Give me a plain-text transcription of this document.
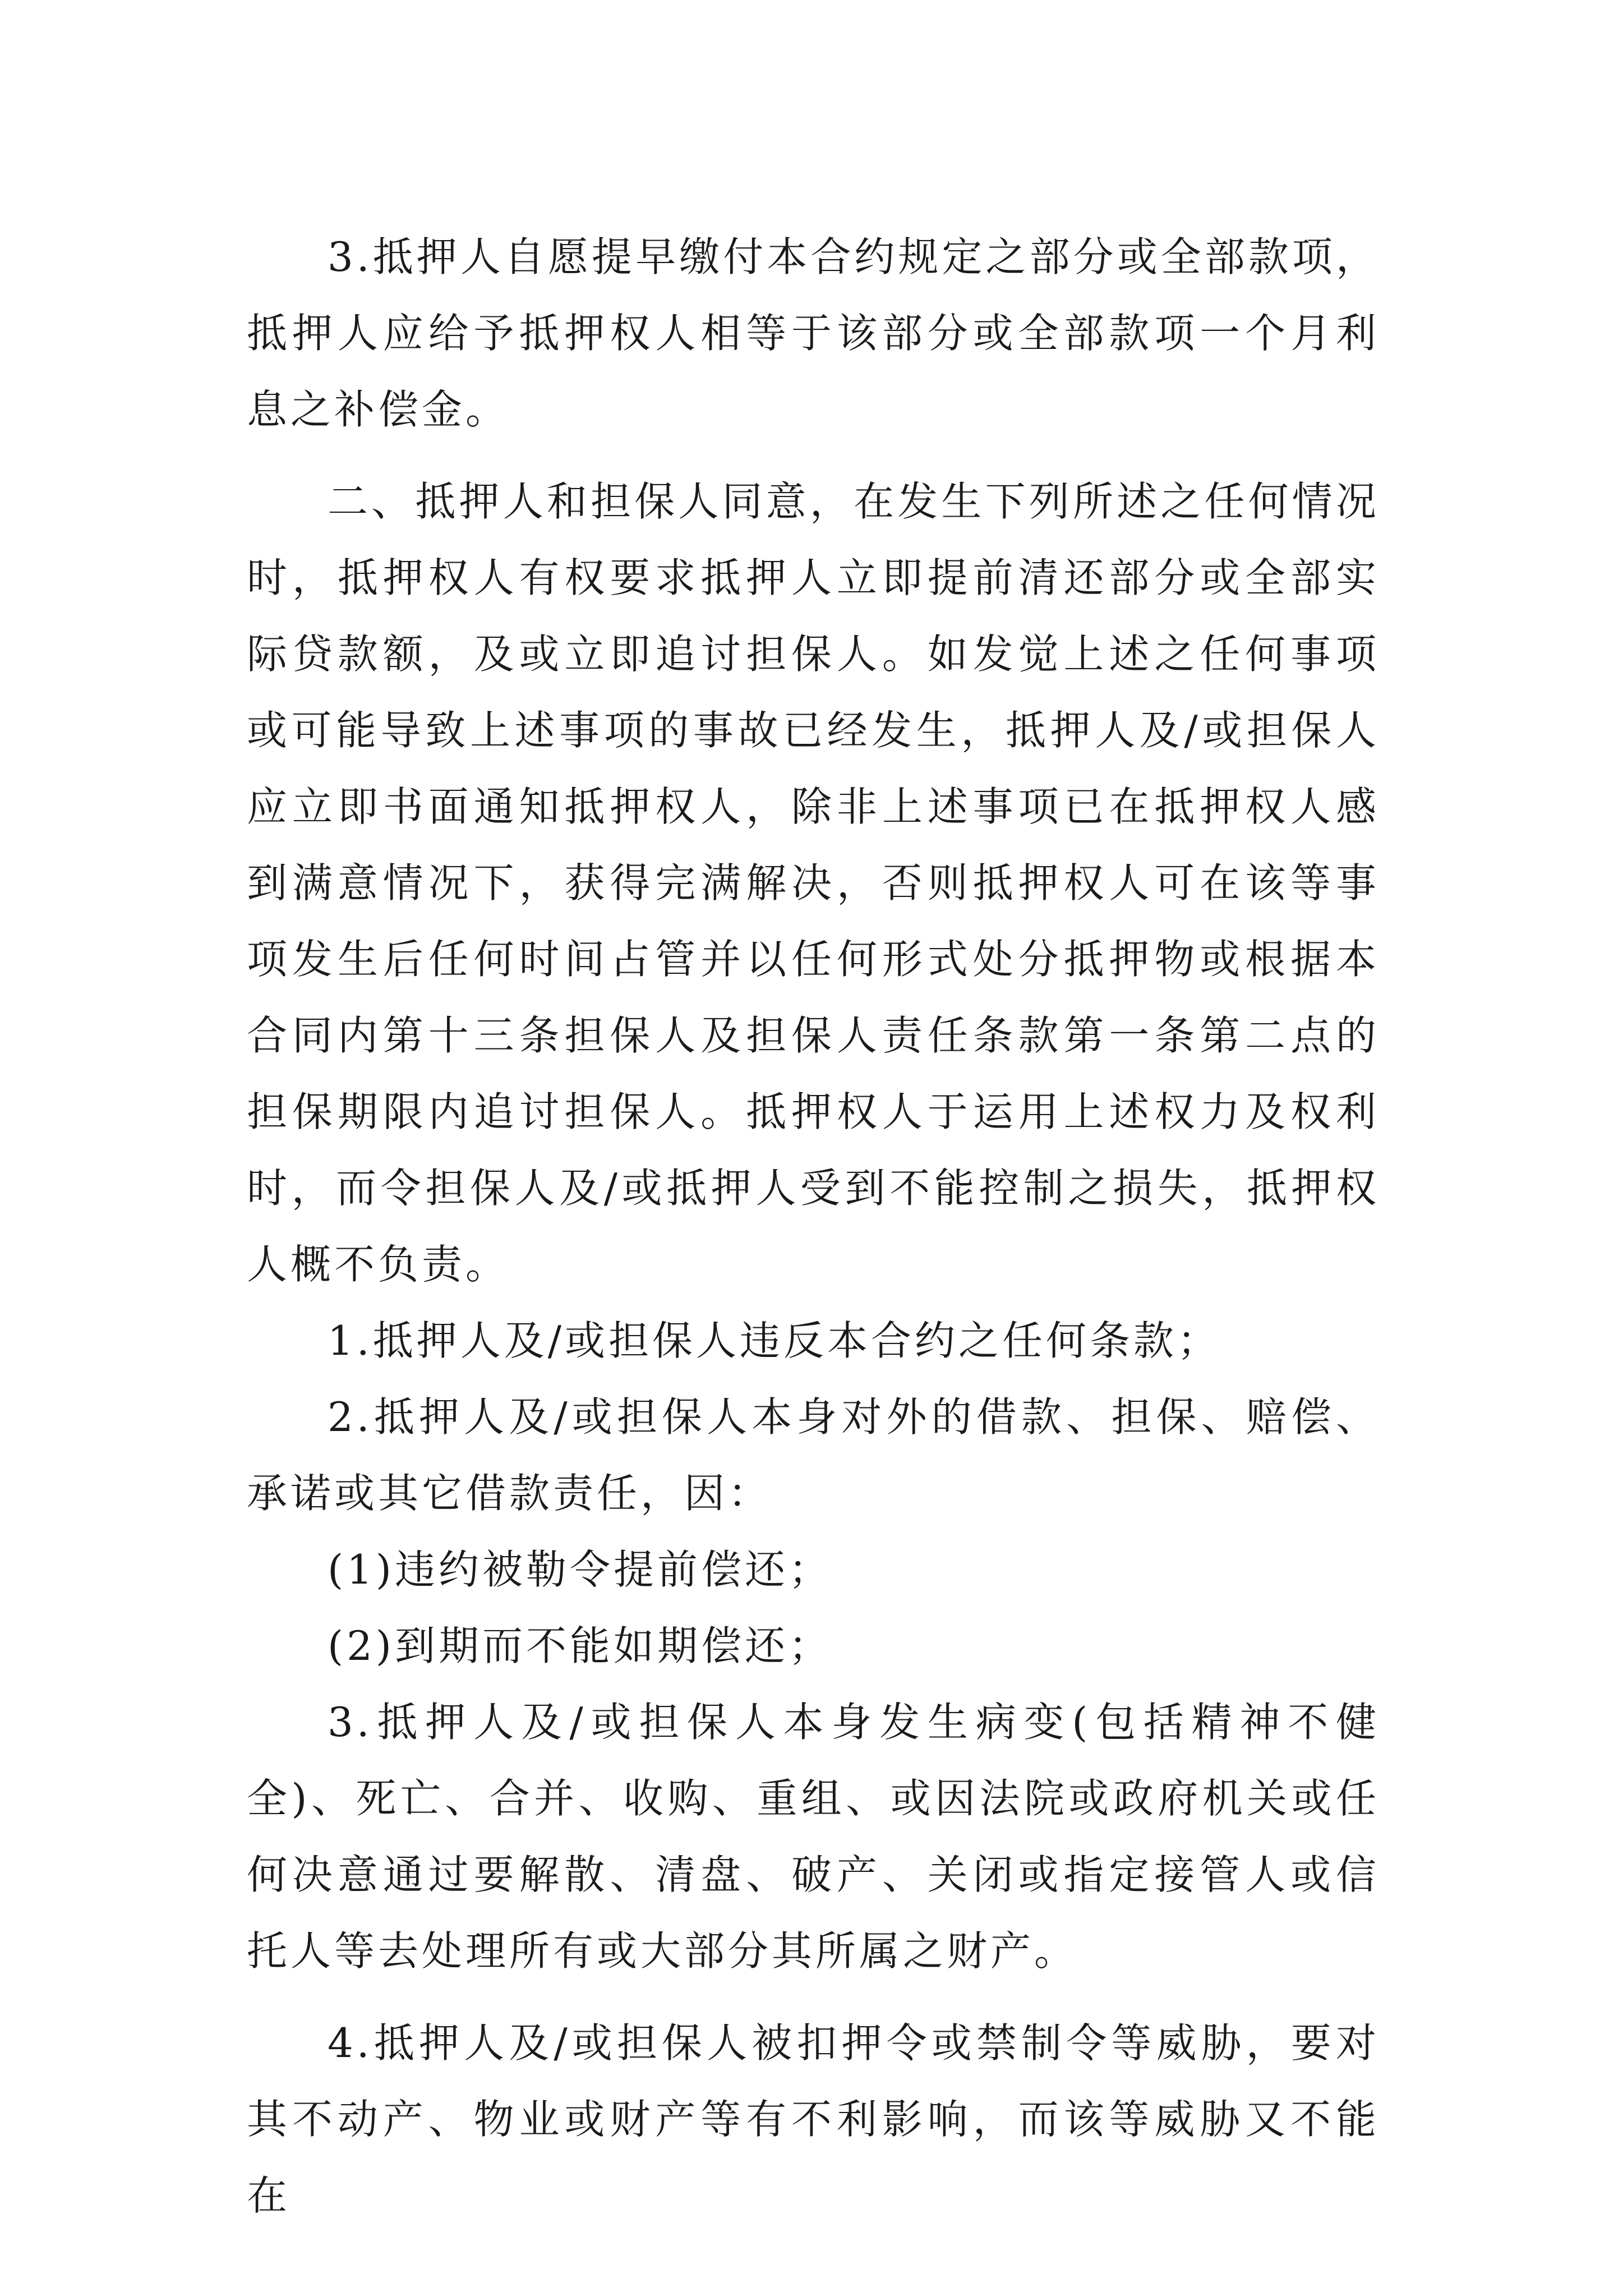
3.抵押人自愿提早缴付本合约规定之部分或全部款项，抵押人应给予抵押权人相等于该部分或全部款项一个月利息之补偿金。

二、抵押人和担保人同意，在发生下列所述之任何情况时，抵押权人有权要求抵押人立即提前清还部分或全部实际贷款额，及或立即追讨担保人。如发觉上述之任何事项或可能导致上述事项的事故已经发生，抵押人及/或担保人应立即书面通知抵押权人，除非上述事项已在抵押权人感到满意情况下，获得完满解决，否则抵押权人可在该等事项发生后任何时间占管并以任何形式处分抵押物或根据本合同内第十三条担保人及担保人责任条款第一条第二点的担保期限内追讨担保人。抵押权人于运用上述权力及权利时，而令担保人及/或抵押人受到不能控制之损失，抵押权人概不负责。

1.抵押人及/或担保人违反本合约之任何条款；

2.抵押人及/或担保人本身对外的借款、担保、赔偿、承诺或其它借款责任，因：

(1)违约被勒令提前偿还；

(2)到期而不能如期偿还；

3.抵押人及/或担保人本身发生病变(包括精神不健全)、死亡、合并、收购、重组、或因法院或政府机关或任何决意通过要解散、清盘、破产、关闭或指定接管人或信托人等去处理所有或大部分其所属之财产。

4.抵押人及/或担保人被扣押令或禁制令等威胁，要对其不动产、物业或财产等有不利影响，而该等威胁又不能在
